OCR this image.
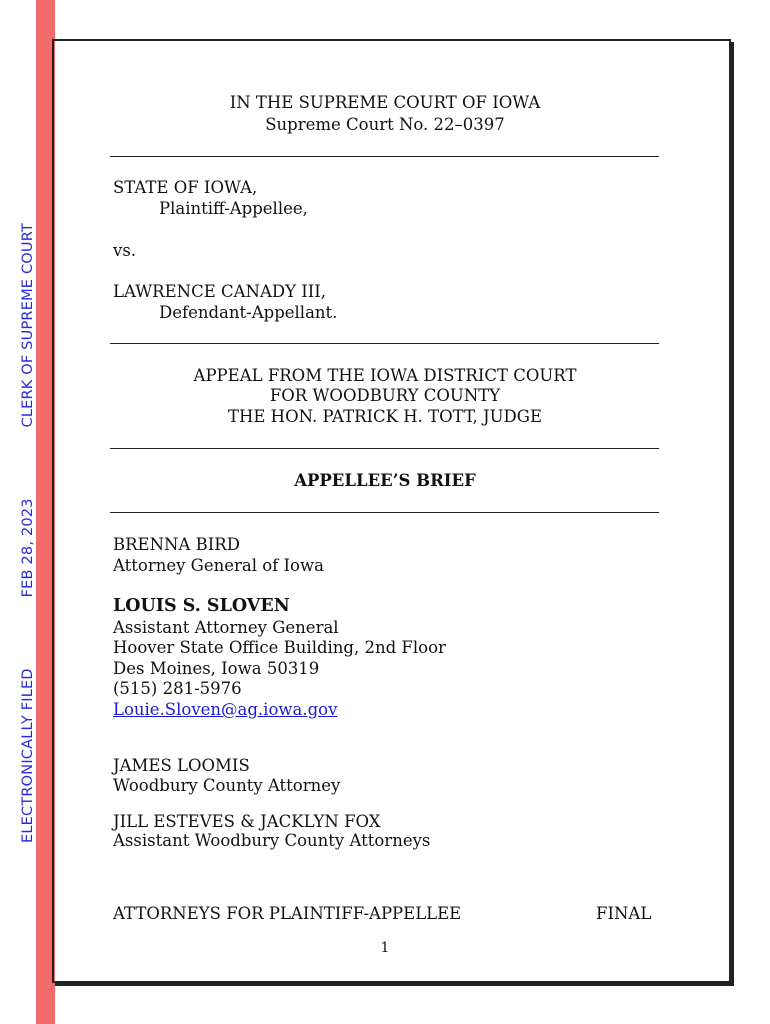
ELECTRONICALLY FILED
FEB 28, 2023
CLERK OF SUPREME COURT
IN THE SUPREME COURT OF IOWA
Supreme Court No. 22–0397
STATE OF IOWA,
Plaintiff-Appellee,
vs.
LAWRENCE CANADY III,
Defendant-Appellant.
APPEAL FROM THE IOWA DISTRICT COURT
FOR WOODBURY COUNTY
THE HON. PATRICK H. TOTT, JUDGE
APPELLEE’S BRIEF
BRENNA BIRD
Attorney General of Iowa
LOUIS S. SLOVEN
Assistant Attorney General
Hoover State Office Building, 2nd Floor
Des Moines, Iowa 50319
(515) 281-5976
Louie.Sloven@ag.iowa.gov
JAMES LOOMIS
Woodbury County Attorney
JILL ESTEVES & JACKLYN FOX
Assistant Woodbury County Attorneys
ATTORNEYS FOR PLAINTIFF-APPELLEE	FINAL
1
